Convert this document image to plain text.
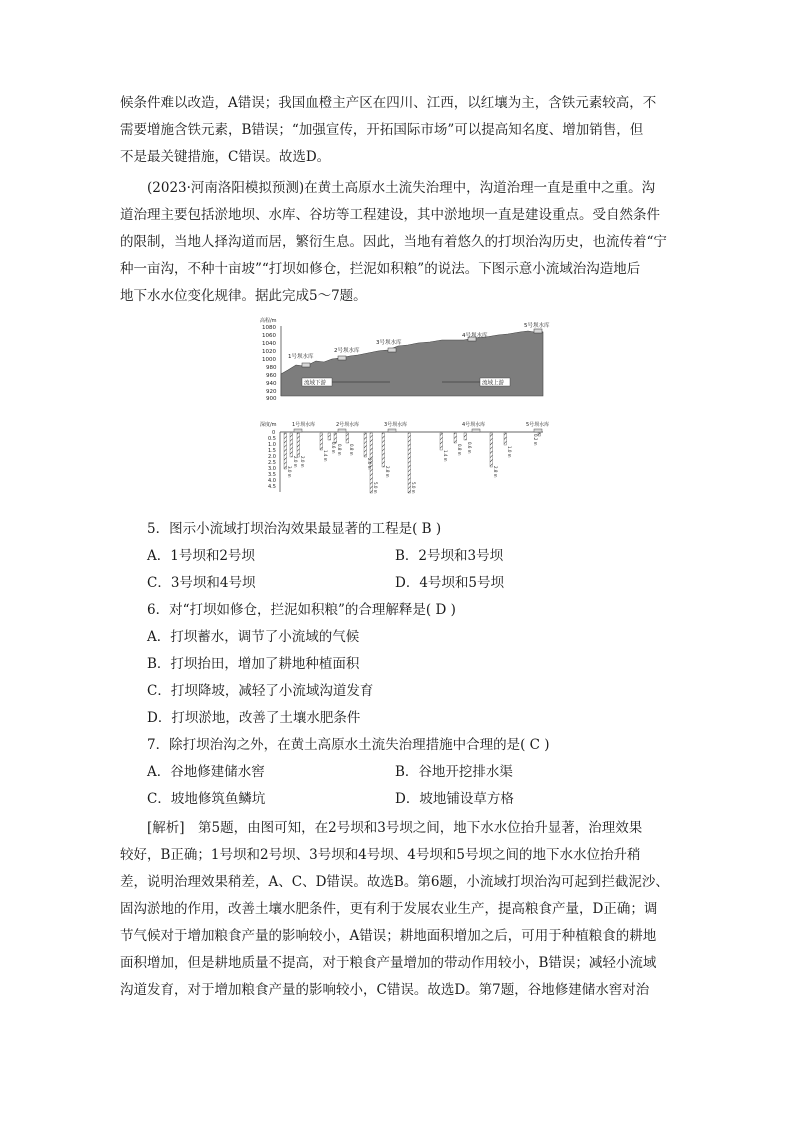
候条件难以改造，A错误；我国血橙主产区在四川、江西，以红壤为主，含铁元素较高，不
需要增施含铁元素，B错误；“加强宣传，开拓国际市场”可以提高知名度、增加销售，但
不是最关键措施，C错误。故选D。
(2023·河南洛阳模拟预测)在黄土高原水土流失治理中，沟道治理一直是重中之重。沟
道治理主要包括淤地坝、水库、谷坊等工程建设，其中淤地坝一直是建设重点。受自然条件
的限制，当地人择沟道而居，繁衍生息。因此，当地有着悠久的打坝治沟历史，也流传着“宁
种一亩沟，不种十亩坡”“打坝如修仓，拦泥如积粮”的说法。下图示意小流域治沟造地后
地下水水位变化规律。据此完成5～7题。
高程/m
1080
1060
1040
1020
1000
980
960
940
920
900
1号坝水库
2号坝水库
3号坝水库
4号坝水库
5号坝水库
流域下游	流域上游
深度/m
0
0.5
1.0
1.5
2.0
2.5
3.0
3.5
4.0
4.5
1号坝水库	2号坝水库	3号坝水库	4号坝水库	5号坝水库
3.0 m
2.0 m 2.0 m
1.4 m
0.6 m 0.8 m 0.8 m
2.0 m
5.0 m
2.8 m
5.0 m
1.4 m
0.8 m 0.6 m
2.8 m
1.0 m
0.2 m
5．图示小流域打坝治沟效果最显著的工程是( B )
A．1号坝和2号坝	B．2号坝和3号坝
C．3号坝和4号坝	D．4号坝和5号坝
6．对“打坝如修仓，拦泥如积粮”的合理解释是( D )
A．打坝蓄水，调节了小流域的气候
B．打坝抬田，增加了耕地种植面积
C．打坝降坡，减轻了小流域沟道发育
D．打坝淤地，改善了土壤水肥条件
7．除打坝治沟之外，在黄土高原水土流失治理措施中合理的是( C )
A．谷地修建储水窖	B．谷地开挖排水渠
C．坡地修筑鱼鳞坑	D．坡地铺设草方格
[解析]　第5题，由图可知，在2号坝和3号坝之间，地下水水位抬升显著，治理效果
较好，B正确；1号坝和2号坝、3号坝和4号坝、4号坝和5号坝之间的地下水水位抬升稍
差，说明治理效果稍差，A、C、D错误。故选B。第6题，小流域打坝治沟可起到拦截泥沙、
固沟淤地的作用，改善土壤水肥条件，更有利于发展农业生产，提高粮食产量，D正确；调
节气候对于增加粮食产量的影响较小，A错误；耕地面积增加之后，可用于种植粮食的耕地
面积增加，但是耕地质量不提高，对于粮食产量增加的带动作用较小，B错误；减轻小流域
沟道发育，对于增加粮食产量的影响较小，C错误。故选D。第7题，谷地修建储水窖对治
